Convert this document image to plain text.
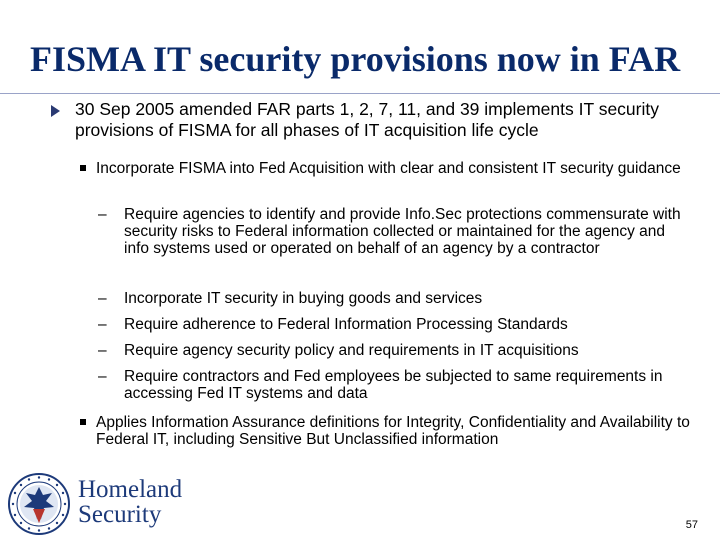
FISMA IT security provisions now in FAR
30 Sep 2005 amended FAR parts 1, 2, 7, 11, and 39 implements IT security provisions of FISMA for all phases of IT acquisition life cycle
Incorporate FISMA into Fed Acquisition with clear and consistent IT security guidance
– Require agencies to identify and provide Info.Sec protections commensurate with security risks to Federal information collected or maintained for the agency and info systems used or operated on behalf of an agency by a contractor
– Incorporate IT security in buying goods and services
– Require adherence to Federal Information Processing Standards
– Require agency security policy and requirements in IT acquisitions
– Require contractors and Fed employees be subjected to same requirements in accessing Fed IT systems and data
Applies Information Assurance definitions for Integrity, Confidentiality and Availability to Federal IT, including Sensitive But Unclassified information
Homeland
Security	57
